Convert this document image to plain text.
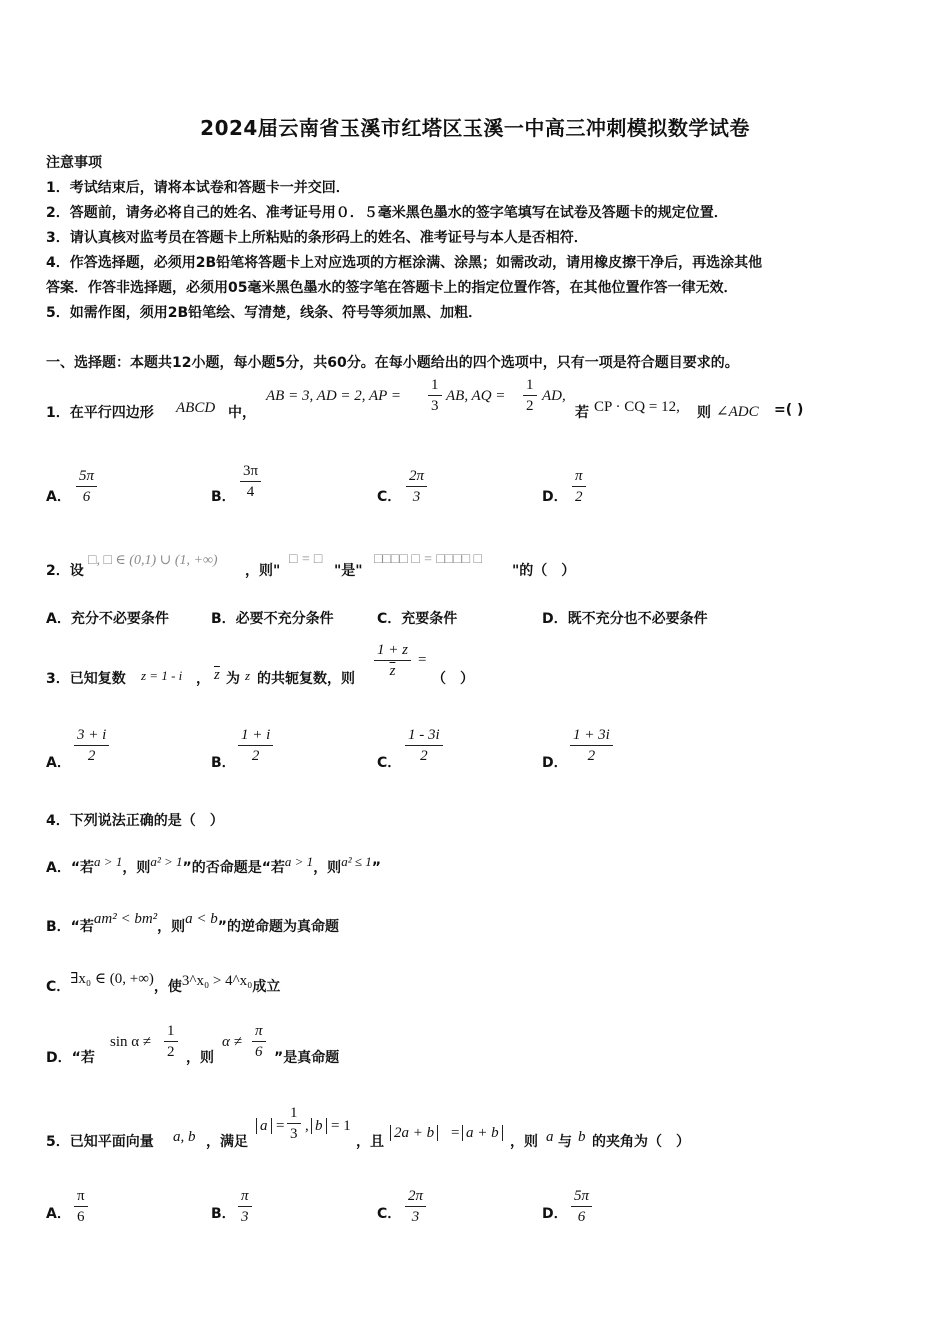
2024届云南省玉溪市红塔区玉溪一中高三冲刺模拟数学试卷
注意事项
1．考试结束后，请将本试卷和答题卡一并交回．
2．答题前，请务必将自己的姓名、准考证号用０．５毫米黑色墨水的签字笔填写在试卷及答题卡的规定位置．
3．请认真核对监考员在答题卡上所粘贴的条形码上的姓名、准考证号与本人是否相符．
4．作答选择题，必须用2B铅笔将答题卡上对应选项的方框涂满、涂黑；如需改动，请用橡皮擦干净后，再选涂其他
答案．作答非选择题，必须用05毫米黑色墨水的签字笔在答题卡上的指定位置作答，在其他位置作答一律无效．
5．如需作图，须用2B铅笔绘、写清楚，线条、符号等须加黑、加粗．
一、选择题：本题共12小题，每小题5分，共60分。在每小题给出的四个选项中，只有一项是符合题目要求的。
1．在平行四边形 ABCD 中，
AB = 3, AD = 2, AP = $\frac{1}{3}$ AB, AQ = $\frac{1}{2}$ AD,
若 CP · CQ = 12, 则 ∠ADC =( )
A． $\frac{5\pi}{6}$	B． $\frac{3\pi}{4}$	C． $\frac{2\pi}{3}$	D． $\frac{\pi}{2}$
2．设
□, □ ∈ (0,1) ∪ (1, +∞)
，则"
□ = □
"是"
□□□□ □ = □□□□ □
"的（　）
A．充分不必要条件	B．必要不充分条件	C．充要条件	D．既不充分也不必要条件
3．已知复数 z = 1 - i ， $\overline{z}$ 为 z 的共轭复数，则 $\frac{1 + z}{z}$ =
（　）
A． $\frac{3 + i}{2}$	B． $\frac{1 + i}{2}$	C． $\frac{1 - 3i}{2}$	D． $\frac{1 + 3i}{2}$
4．下列说法正确的是（　）
A．“若a > 1，则a² > 1”的否命题是“若a > 1，则a² ≤ 1”
B．“若am² < bm²，则a < b”的逆命题为真命题
C．∃x₀ ∈ (0, +∞)，使3^x₀ > 4^x₀成立
D．“若
$\sin \alpha \ne \frac{1}{2}$ ，则
$\alpha \ne \frac{\pi}{6}$ ”是真命题
5．已知平面向量 a, b ，满足
$a = \frac{1}{3}$ , b = 1
，且
2a + b = a + b
，则 a 与 b 的夹角为（　）
A． $\frac{\pi}{6}$	B． $\frac{\pi}{3}$	C． $\frac{2\pi}{3}$	D． $\frac{5\pi}{6}$
